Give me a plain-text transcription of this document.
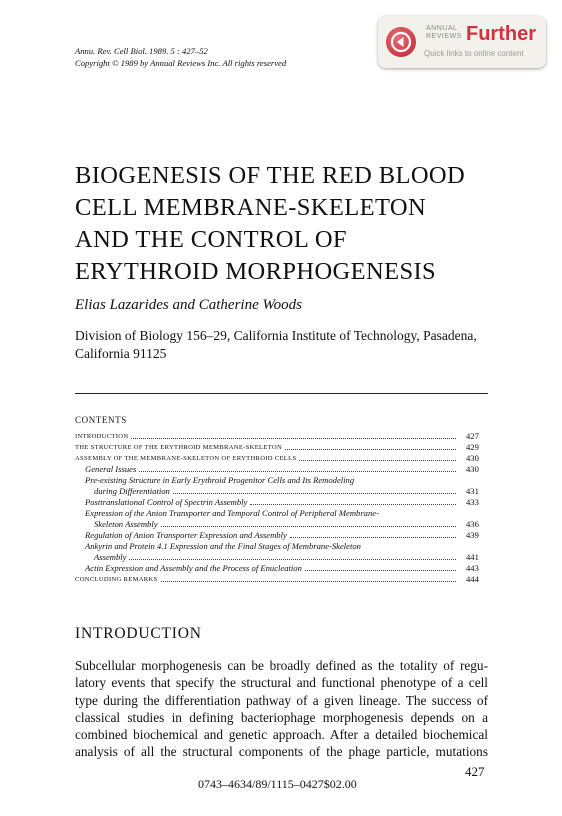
Annu. Rev. Cell Biol. 1989. 5 : 427–52
Copyright © 1989 by Annual Reviews Inc. All rights reserved
ANNUAL
REVIEWS Further
Quick links to online content
BIOGENESIS OF THE RED BLOOD
CELL MEMBRANE-SKELETON
AND THE CONTROL OF
ERYTHROID MORPHOGENESIS
Elias Lazarides and Catherine Woods
Division of Biology 156–29, California Institute of Technology, Pasadena, California 91125
CONTENTS
INTRODUCTION	427
THE STRUCTURE OF THE ERYTHROID MEMBRANE-SKELETON	429
ASSEMBLY OF THE MEMBRANE-SKELETON OF ERYTHROID CELLS	430
General Issues	430
Pre-existing Structure in Early Erythroid Progenitor Cells and Its Remodeling
during Differentiation	431
Posttranslational Control of Spectrin Assembly	433
Expression of the Anion Transporter and Temporal Control of Peripheral Membrane-
Skeleton Assembly	436
Regulation of Anion Transporter Expression and Assembly	439
Ankyrin and Protein 4.1 Expression and the Final Stages of Membrane-Skeleton
Assembly	441
Actin Expression and Assembly and the Process of Enucleation	443
CONCLUDING REMARKS	444
INTRODUCTION
Subcellular morphogenesis can be broadly defined as the totality of regu-
latory events that specify the structural and functional phenotype of a cell
type during the differentiation pathway of a given lineage. The success of
classical studies in defining bacteriophage morphogenesis depends on a
combined biochemical and genetic approach. After a detailed biochemical
analysis of all the structural components of the phage particle, mutations
427
0743–4634/89/1115–0427$02.00
